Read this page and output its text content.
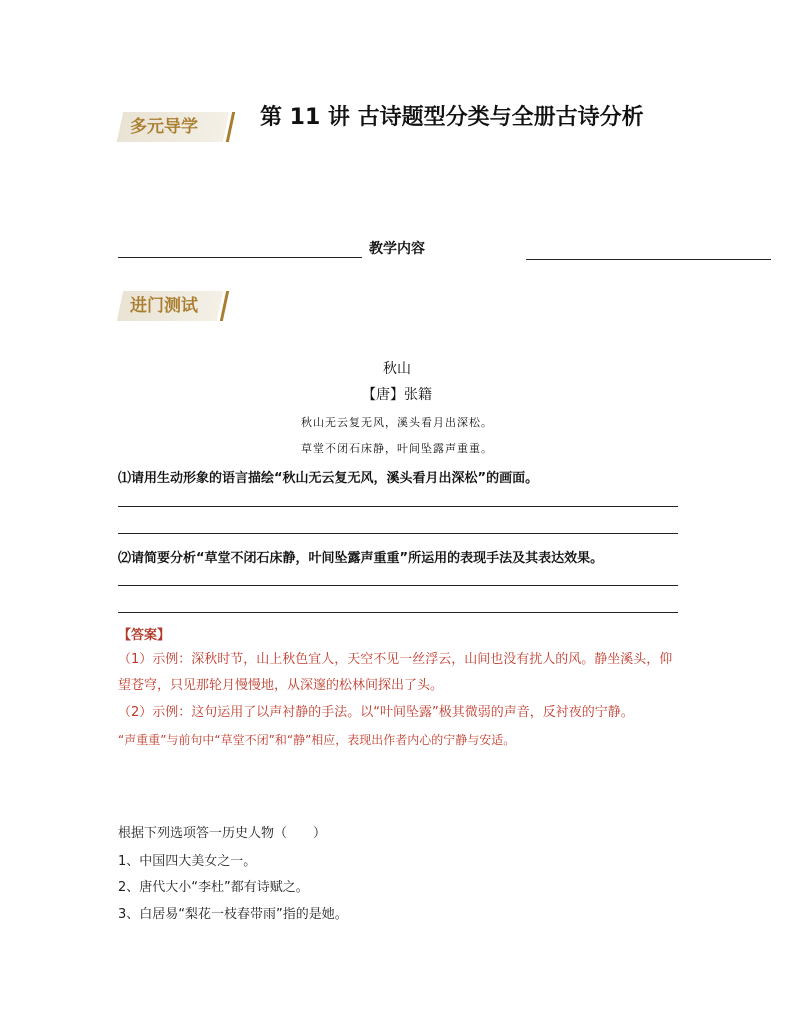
多元导学	第 11 讲 古诗题型分类与全册古诗分析
教学内容
进门测试
秋山
【唐】张籍
秋山无云复无风，溪头看月出深松。
草堂不闭石床静，叶间坠露声重重。
⑴请用生动形象的语言描绘“秋山无云复无风，溪头看月出深松”的画面。
⑵请简要分析“草堂不闭石床静，叶间坠露声重重”所运用的表现手法及其表达效果。
【答案】
（1）示例：深秋时节，山上秋色宜人，天空不见一丝浮云，山间也没有扰人的风。静坐溪头，仰望苍穹，只见那轮月慢慢地，从深邃的松林间探出了头。
（2）示例：这句运用了以声衬静的手法。以“叶间坠露”极其微弱的声音，反衬夜的宁静。
“声重重”与前句中“草堂不闭”和“静”相应，表现出作者内心的宁静与安适。
根据下列选项答一历史人物（　　）
1、中国四大美女之一。
2、唐代大小“李杜”都有诗赋之。
3、白居易“梨花一枝春带雨”指的是她。
